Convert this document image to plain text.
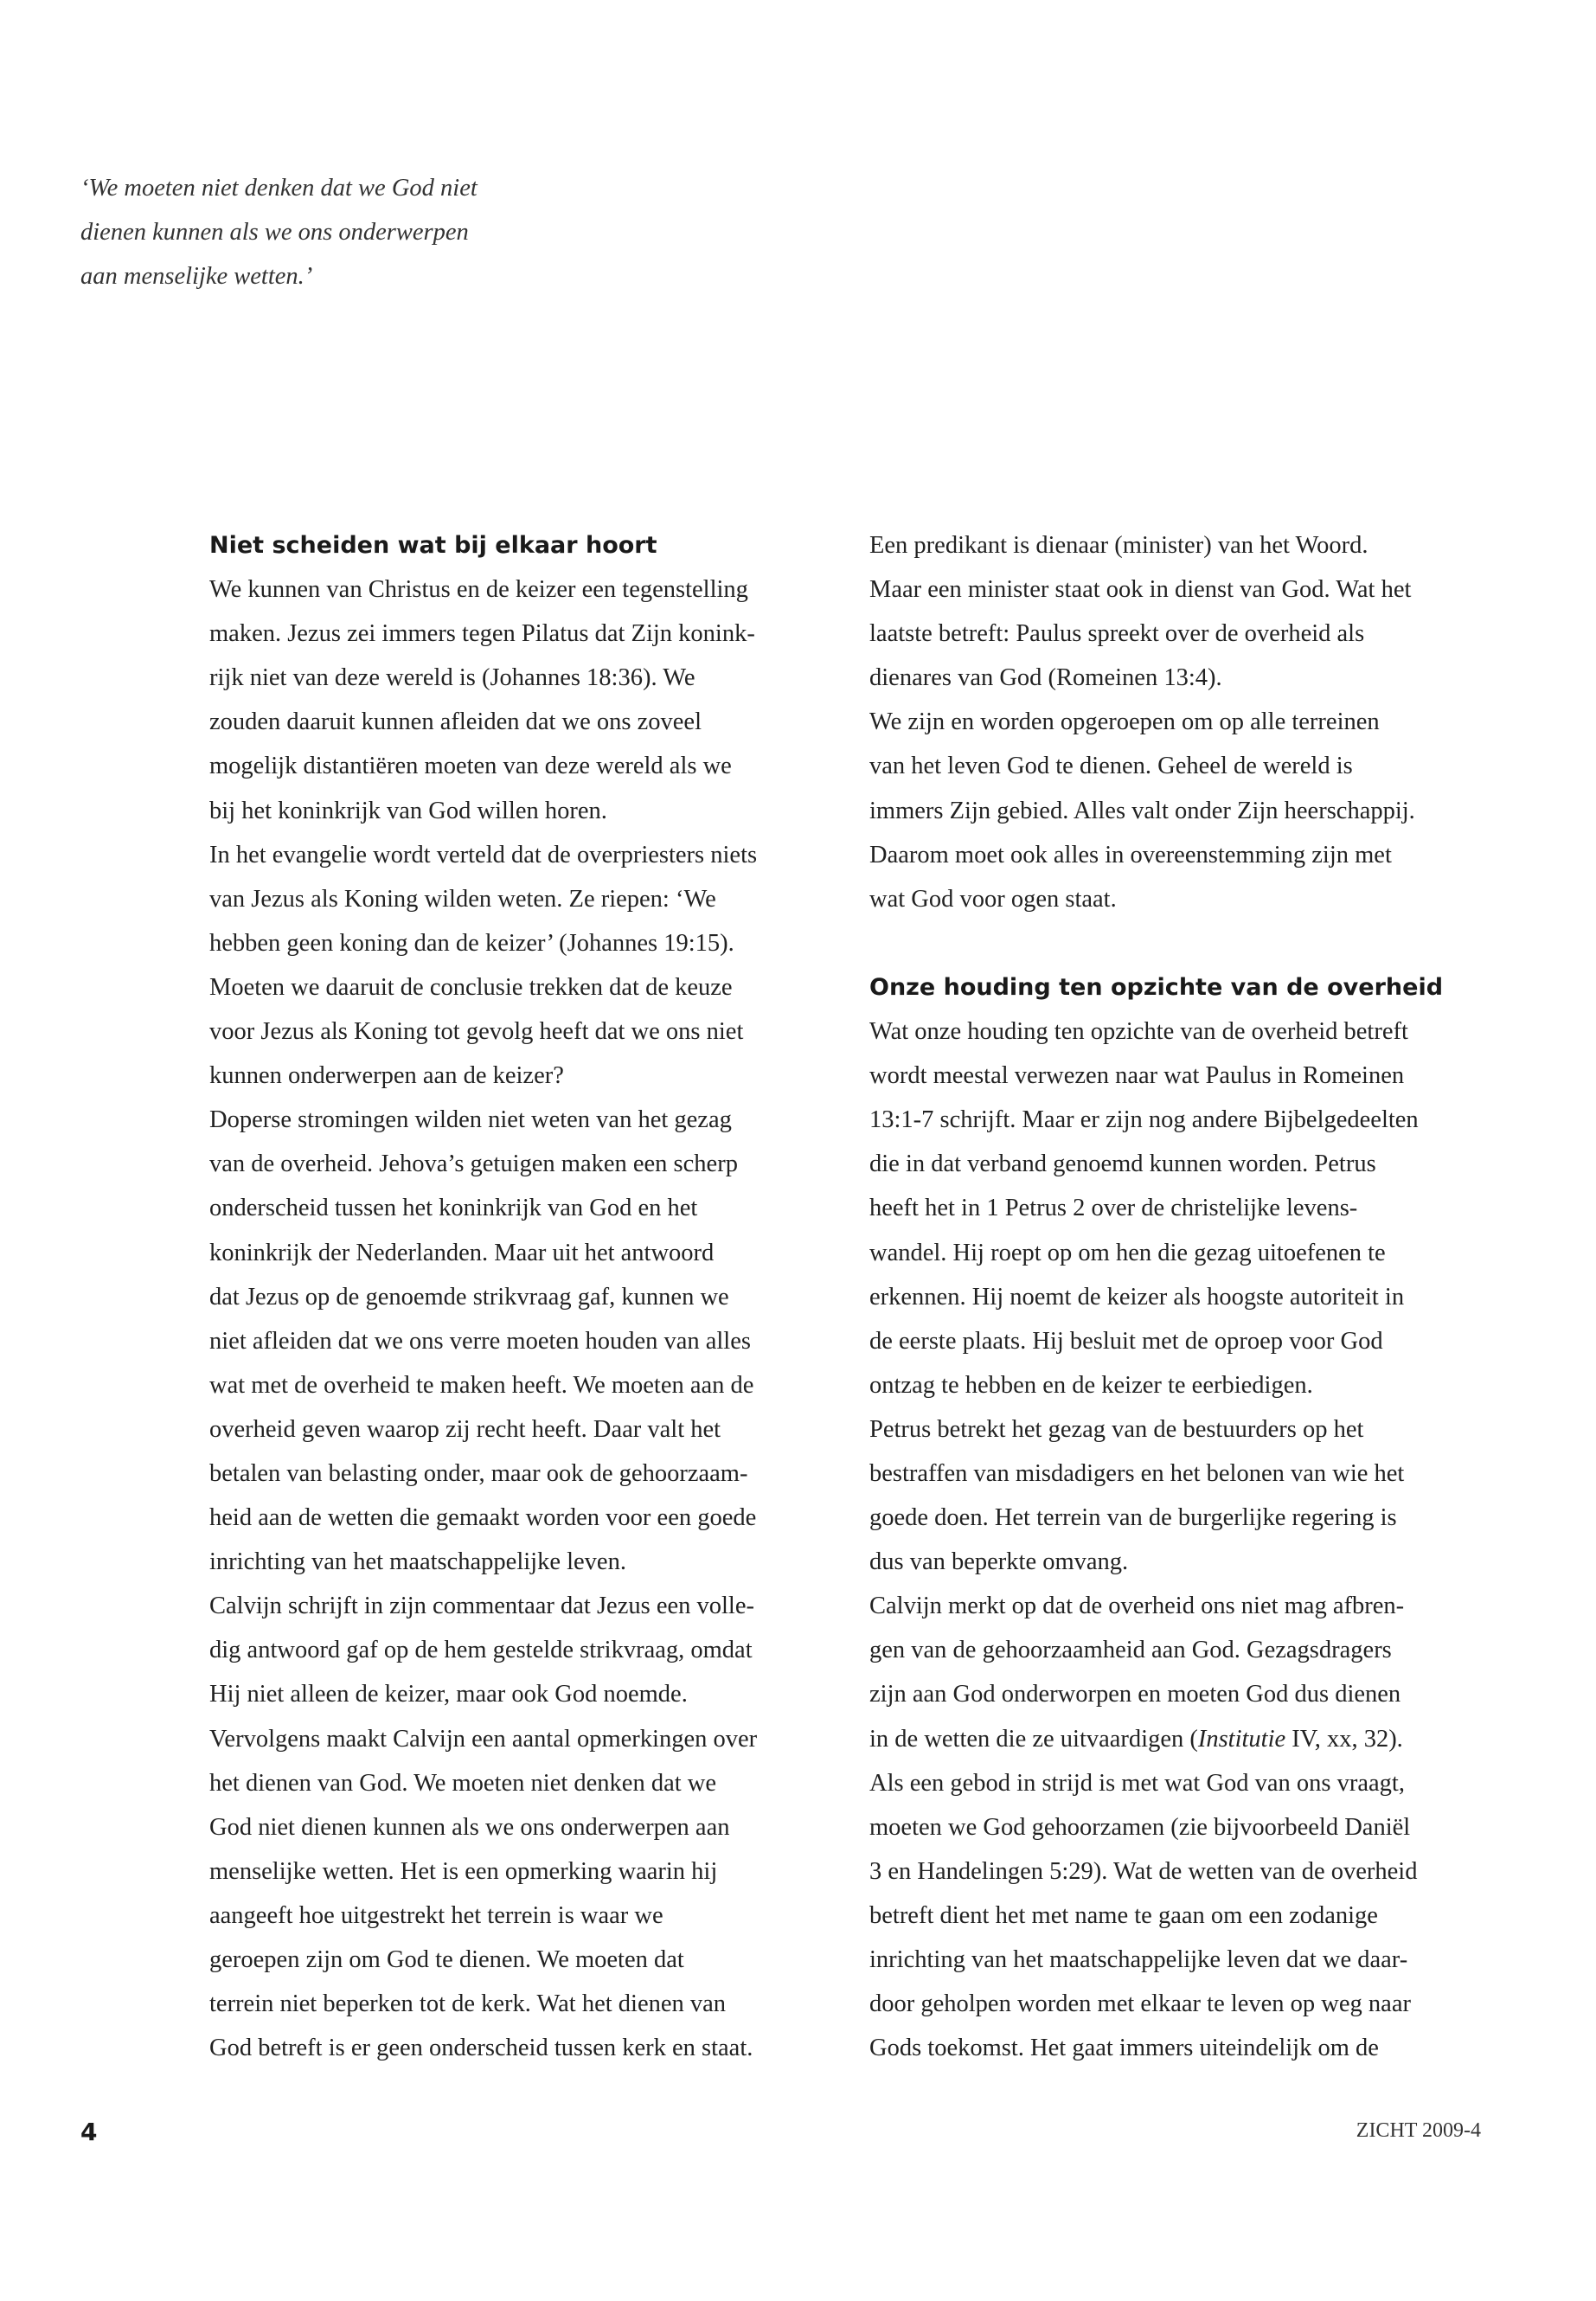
‘We moeten niet denken dat we God niet
dienen kunnen als we ons onderwerpen
aan menselijke wetten.’
Niet scheiden wat bij elkaar hoort
We kunnen van Christus en de keizer een tegenstelling
maken. Jezus zei immers tegen Pilatus dat Zijn konink-
rijk niet van deze wereld is (Johannes 18:36). We
zouden daaruit kunnen afleiden dat we ons zoveel
mogelijk distantiëren moeten van deze wereld als we
bij het koninkrijk van God willen horen.
In het evangelie wordt verteld dat de overpriesters niets
van Jezus als Koning wilden weten. Ze riepen: ‘We
hebben geen koning dan de keizer’ (Johannes 19:15).
Moeten we daaruit de conclusie trekken dat de keuze
voor Jezus als Koning tot gevolg heeft dat we ons niet
kunnen onderwerpen aan de keizer?
Doperse stromingen wilden niet weten van het gezag
van de overheid. Jehova’s getuigen maken een scherp
onderscheid tussen het koninkrijk van God en het
koninkrijk der Nederlanden. Maar uit het antwoord
dat Jezus op de genoemde strikvraag gaf, kunnen we
niet afleiden dat we ons verre moeten houden van alles
wat met de overheid te maken heeft. We moeten aan de
overheid geven waarop zij recht heeft. Daar valt het
betalen van belasting onder, maar ook de gehoorzaam-
heid aan de wetten die gemaakt worden voor een goede
inrichting van het maatschappelijke leven.
Calvijn schrijft in zijn commentaar dat Jezus een volle-
dig antwoord gaf op de hem gestelde strikvraag, omdat
Hij niet alleen de keizer, maar ook God noemde.
Vervolgens maakt Calvijn een aantal opmerkingen over
het dienen van God. We moeten niet denken dat we
God niet dienen kunnen als we ons onderwerpen aan
menselijke wetten. Het is een opmerking waarin hij
aangeeft hoe uitgestrekt het terrein is waar we
geroepen zijn om God te dienen. We moeten dat
terrein niet beperken tot de kerk. Wat het dienen van
God betreft is er geen onderscheid tussen kerk en staat.
Een predikant is dienaar (minister) van het Woord.
Maar een minister staat ook in dienst van God. Wat het
laatste betreft: Paulus spreekt over de overheid als
dienares van God (Romeinen 13:4).
We zijn en worden opgeroepen om op alle terreinen
van het leven God te dienen. Geheel de wereld is
immers Zijn gebied. Alles valt onder Zijn heerschappij.
Daarom moet ook alles in overeenstemming zijn met
wat God voor ogen staat.
Onze houding ten opzichte van de overheid
Wat onze houding ten opzichte van de overheid betreft
wordt meestal verwezen naar wat Paulus in Romeinen
13:1-7 schrijft. Maar er zijn nog andere Bijbelgedeelten
die in dat verband genoemd kunnen worden. Petrus
heeft het in 1 Petrus 2 over de christelijke levens-
wandel. Hij roept op om hen die gezag uitoefenen te
erkennen. Hij noemt de keizer als hoogste autoriteit in
de eerste plaats. Hij besluit met de oproep voor God
ontzag te hebben en de keizer te eerbiedigen.
Petrus betrekt het gezag van de bestuurders op het
bestraffen van misdadigers en het belonen van wie het
goede doen. Het terrein van de burgerlijke regering is
dus van beperkte omvang.
Calvijn merkt op dat de overheid ons niet mag afbren-
gen van de gehoorzaamheid aan God. Gezagsdragers
zijn aan God onderworpen en moeten God dus dienen
in de wetten die ze uitvaardigen (Institutie IV, xx, 32).
Als een gebod in strijd is met wat God van ons vraagt,
moeten we God gehoorzamen (zie bijvoorbeeld Daniël
3 en Handelingen 5:29). Wat de wetten van de overheid
betreft dient het met name te gaan om een zodanige
inrichting van het maatschappelijke leven dat we daar-
door geholpen worden met elkaar te leven op weg naar
Gods toekomst. Het gaat immers uiteindelijk om de
4	ZICHT 2009-4
